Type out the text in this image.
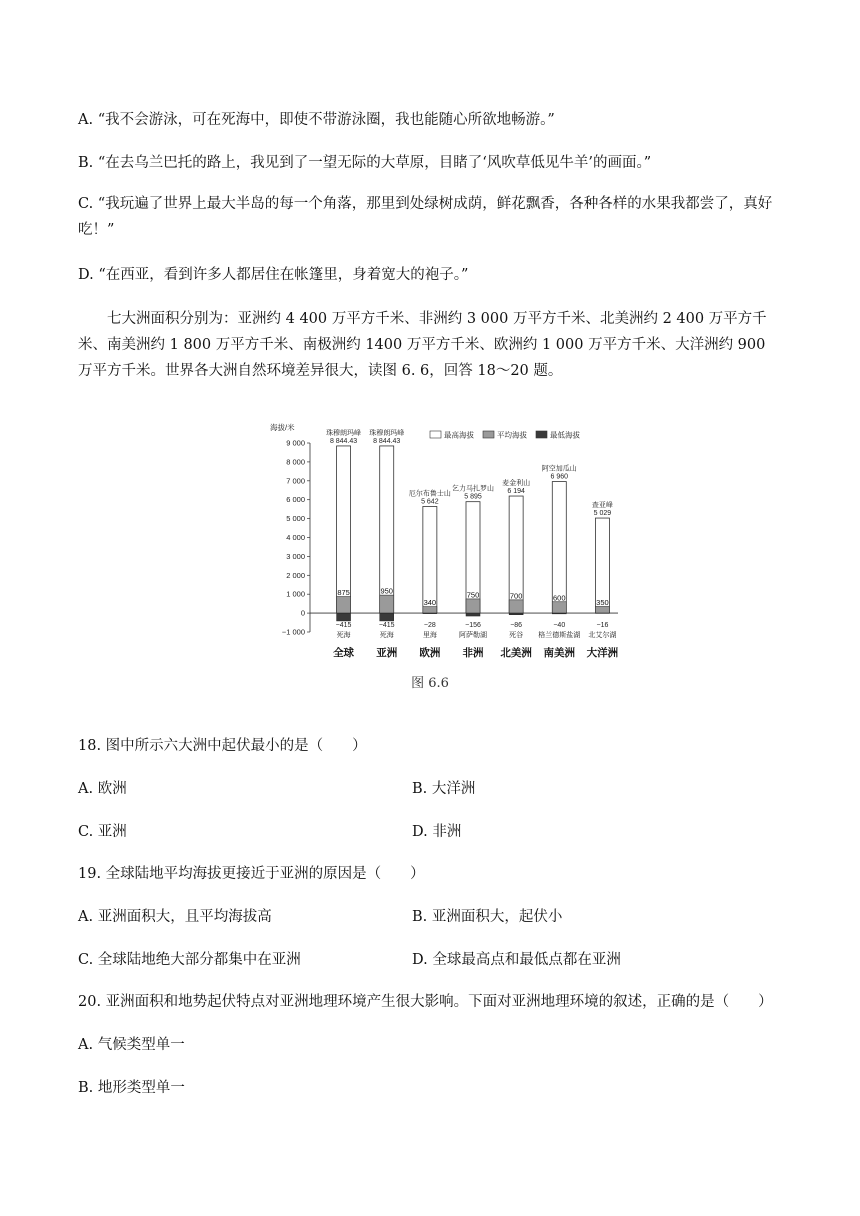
A. “我不会游泳，可在死海中，即使不带游泳圈，我也能随心所欲地畅游。”
B. “在去乌兰巴托的路上，我见到了一望无际的大草原，目睹了‘风吹草低见牛羊’的画面。”
C. “我玩遍了世界上最大半岛的每一个角落，那里到处绿树成荫，鲜花飘香，各种各样的水果我都尝了，真好吃！”
D. “在西亚，看到许多人都居住在帐篷里，身着宽大的袍子。”
七大洲面积分别为：亚洲约 4 400 万平方千米、非洲约 3 000 万平方千米、北美洲约 2 400 万平方千米、南美洲约 1 800 万平方千米、南极洲约 1400 万平方千米、欧洲约 1 000 万平方千米、大洋洲约 900 万平方千米。世界各大洲自然环境差异很大，读图 6. 6，回答 18～20 题。
最高海拔	平均海拔	最低海拔
海拔/米
9 000
8 000
7 000
6 000
5 000
4 000
3 000
2 000
1 000
0
−1 000
珠穆朗玛峰
8 844.43
875
−415
死海
全球
珠穆朗玛峰
8 844.43
950
−415
死海
亚洲
厄尔布鲁士山
5 642
340
−28
里海
欧洲
乞力马扎罗山
5 895
750
−156
阿萨勒湖
非洲
麦金利山
6 194
700
−86
死谷
北美洲
阿空加瓜山
6 960
600
−40
格兰德斯盐湖
南美洲
查亚峰
5 029
350
−16
北艾尔湖
大洋洲
图 6.6
18. 图中所示六大洲中起伏最小的是（　　）
A. 欧洲	B. 大洋洲
C. 亚洲	D. 非洲
19. 全球陆地平均海拔更接近于亚洲的原因是（　　）
A. 亚洲面积大，且平均海拔高	B. 亚洲面积大，起伏小
C. 全球陆地绝大部分都集中在亚洲	D. 全球最高点和最低点都在亚洲
20. 亚洲面积和地势起伏特点对亚洲地理环境产生很大影响。下面对亚洲地理环境的叙述，正确的是（　　）
A. 气候类型单一
B. 地形类型单一
